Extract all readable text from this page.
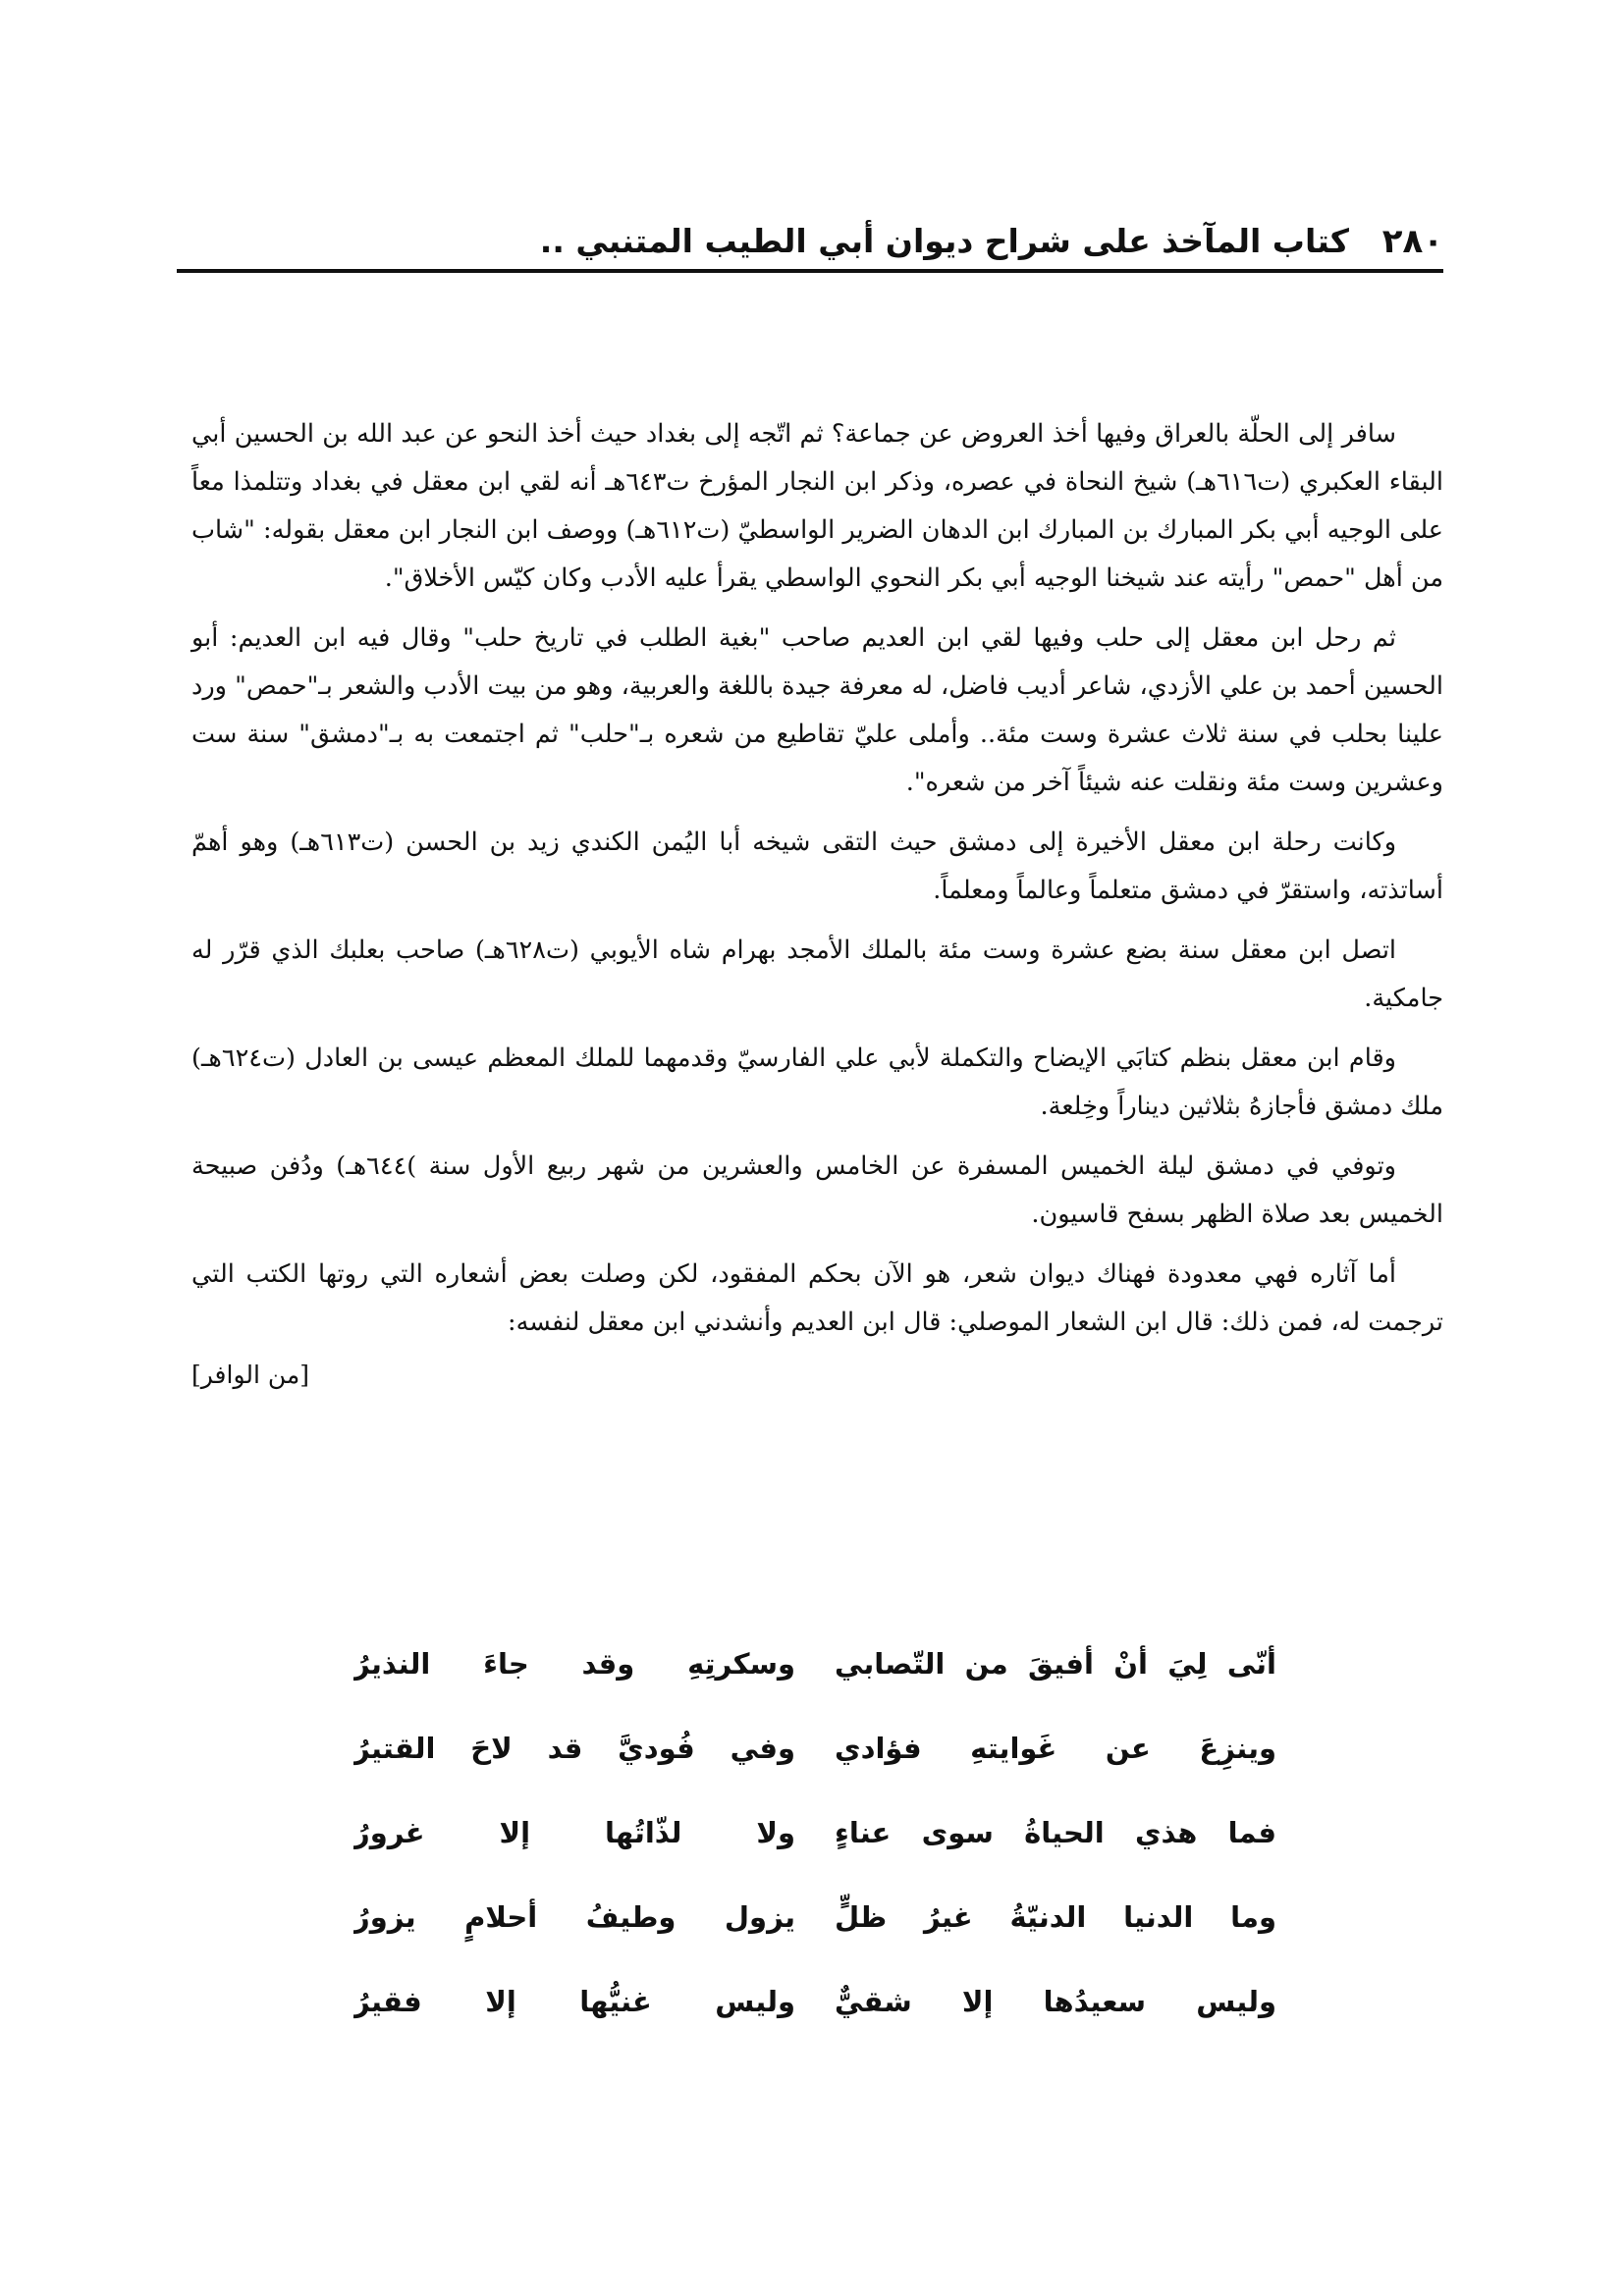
٢٨٠
كتاب المآخذ على شراح ديوان أبي الطيب المتنبي ..

سافر إلى الحلّة بالعراق وفيها أخذ العروض عن جماعة؟ ثم اتّجه إلى بغداد حيث أخذ النحو عن عبد الله بن الحسين أبي البقاء العكبري (ت٦١٦هـ) شيخ النحاة في عصره، وذكر ابن النجار المؤرخ ت٦٤٣هـ أنه لقي ابن معقل في بغداد وتتلمذا معاً على الوجيه أبي بكر المبارك بن المبارك ابن الدهان الضرير الواسطيّ (ت٦١٢هـ) ووصف ابن النجار ابن معقل بقوله: "شاب من أهل "حمص" رأيته عند شيخنا الوجيه أبي بكر النحوي الواسطي يقرأ عليه الأدب وكان كيّس الأخلاق".

ثم رحل ابن معقل إلى حلب وفيها لقي ابن العديم صاحب "بغية الطلب في تاريخ حلب" وقال فيه ابن العديم: أبو الحسين أحمد بن علي الأزدي، شاعر أديب فاضل، له معرفة جيدة باللغة والعربية، وهو من بيت الأدب والشعر بـ"حمص" ورد علينا بحلب في سنة ثلاث عشرة وست مئة.. وأملى عليّ تقاطيع من شعره بـ"حلب" ثم اجتمعت به بـ"دمشق" سنة ست وعشرين وست مئة ونقلت عنه شيئاً آخر من شعره".

وكانت رحلة ابن معقل الأخيرة إلى دمشق حيث التقى شيخه أبا اليُمن الكندي زيد بن الحسن (ت٦١٣هـ) وهو أهمّ أساتذته، واستقرّ في دمشق متعلماً وعالماً ومعلماً.

اتصل ابن معقل سنة بضع عشرة وست مئة بالملك الأمجد بهرام شاه الأيوبي (ت٦٢٨هـ) صاحب بعلبك الذي قرّر له جامكية.

وقام ابن معقل بنظم كتابَي الإيضاح والتكملة لأبي علي الفارسيّ وقدمهما للملك المعظم عيسى بن العادل (ت٦٢٤هـ) ملك دمشق فأجازهُ بثلاثين ديناراً وخِلعة.

وتوفي في دمشق ليلة الخميس المسفرة عن الخامس والعشرين من شهر ربيع الأول سنة )٦٤٤هـ) ودُفن صبيحة الخميس بعد صلاة الظهر بسفح قاسيون.

أما آثاره فهي معدودة فهناك ديوان شعر، هو الآن بحكم المفقود، لكن وصلت بعض أشعاره التي روتها الكتب التي ترجمت له، فمن ذلك: قال ابن الشعار الموصلي: قال ابن العديم وأنشدني ابن معقل لنفسه:

[من الوافر]
أنّى لِيَ أنْ أفيقَ من التّصابي
وسكرتِهِ وقد جاءَ النذيرُ
وينزِعَ عن غَوايتهِ فؤادي
وفي فُوديَّ قد لاحَ القتيرُ
فما هذي الحياةُ سوى عناءٍ
ولا لذّاتُها إلا غرورُ
وما الدنيا الدنيّةُ غيرُ ظلٍّ
يزول وطيفُ أحلامٍ يزورُ
وليس سعيدُها إلا شقيٌّ
وليس غنيُّها إلا فقيرُ
